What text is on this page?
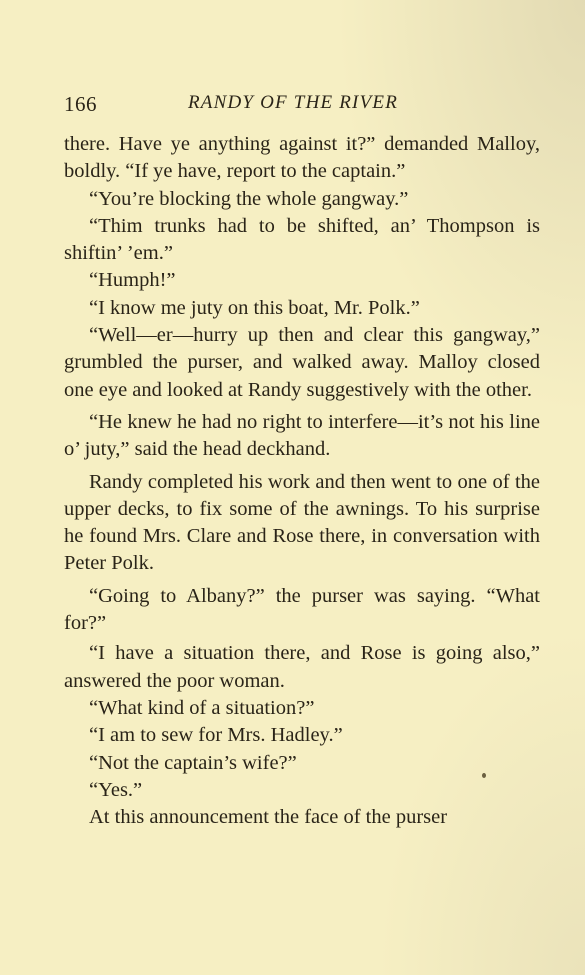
166	RANDY OF THE RIVER

there. Have ye anything against it?” demanded Malloy, boldly. “If ye have, report to the captain.”

“You’re blocking the whole gangway.”

“Thim trunks had to be shifted, an’ Thompson is shiftin’ ’em.”

“Humph!”

“I know me juty on this boat, Mr. Polk.”

“Well—er—hurry up then and clear this gangway,” grumbled the purser, and walked away. Malloy closed one eye and looked at Randy suggestively with the other.

“He knew he had no right to interfere—it’s not his line o’ juty,” said the head deckhand.

Randy completed his work and then went to one of the upper decks, to fix some of the awnings. To his surprise he found Mrs. Clare and Rose there, in conversation with Peter Polk.

“Going to Albany?” the purser was saying. “What for?”

“I have a situation there, and Rose is going also,” answered the poor woman.

“What kind of a situation?”

“I am to sew for Mrs. Hadley.”

“Not the captain’s wife?”

“Yes.”

At this announcement the face of the purser
